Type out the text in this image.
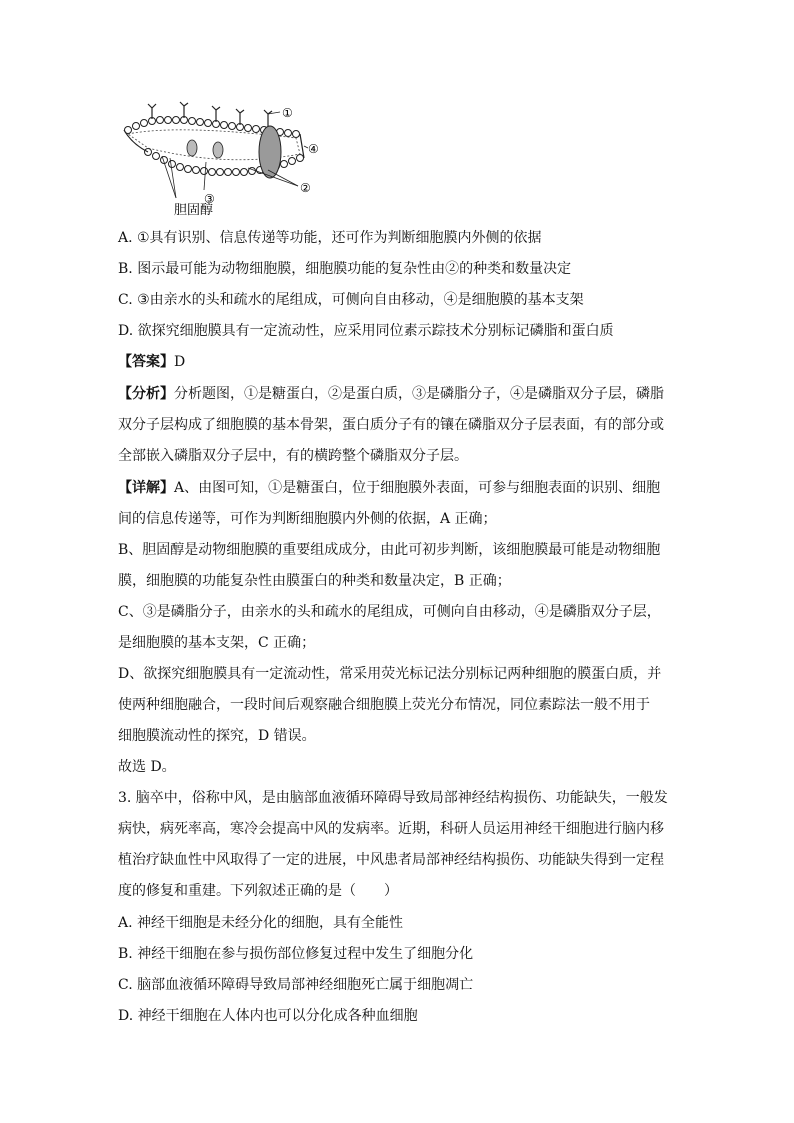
①
④
②
③
胆固醇
A. ①具有识别、信息传递等功能，还可作为判断细胞膜内外侧的依据
B. 图示最可能为动物细胞膜，细胞膜功能的复杂性由②的种类和数量决定
C. ③由亲水的头和疏水的尾组成，可侧向自由移动，④是细胞膜的基本支架
D. 欲探究细胞膜具有一定流动性，应采用同位素示踪技术分别标记磷脂和蛋白质
【答案】D
【分析】分析题图，①是糖蛋白，②是蛋白质，③是磷脂分子，④是磷脂双分子层，磷脂
双分子层构成了细胞膜的基本骨架，蛋白质分子有的镶在磷脂双分子层表面，有的部分或
全部嵌入磷脂双分子层中，有的横跨整个磷脂双分子层。
【详解】A、由图可知，①是糖蛋白，位于细胞膜外表面，可参与细胞表面的识别、细胞
间的信息传递等，可作为判断细胞膜内外侧的依据，A 正确；
B、胆固醇是动物细胞膜的重要组成成分，由此可初步判断，该细胞膜最可能是动物细胞
膜，细胞膜的功能复杂性由膜蛋白的种类和数量决定，B 正确；
C、③是磷脂分子，由亲水的头和疏水的尾组成，可侧向自由移动，④是磷脂双分子层，
是细胞膜的基本支架，C 正确；
D、欲探究细胞膜具有一定流动性，常采用荧光标记法分别标记两种细胞的膜蛋白质，并
使两种细胞融合，一段时间后观察融合细胞膜上荧光分布情况，同位素踪法一般不用于
细胞膜流动性的探究，D 错误。
故选 D。
3. 脑卒中，俗称中风，是由脑部血液循环障碍导致局部神经结构损伤、功能缺失，一般发
病快，病死率高，寒冷会提高中风的发病率。近期，科研人员运用神经干细胞进行脑内移
植治疗缺血性中风取得了一定的进展，中风患者局部神经结构损伤、功能缺失得到一定程
度的修复和重建。下列叙述正确的是（　　）
A. 神经干细胞是未经分化的细胞，具有全能性
B. 神经干细胞在参与损伤部位修复过程中发生了细胞分化
C. 脑部血液循环障碍导致局部神经细胞死亡属于细胞凋亡
D. 神经干细胞在人体内也可以分化成各种血细胞
